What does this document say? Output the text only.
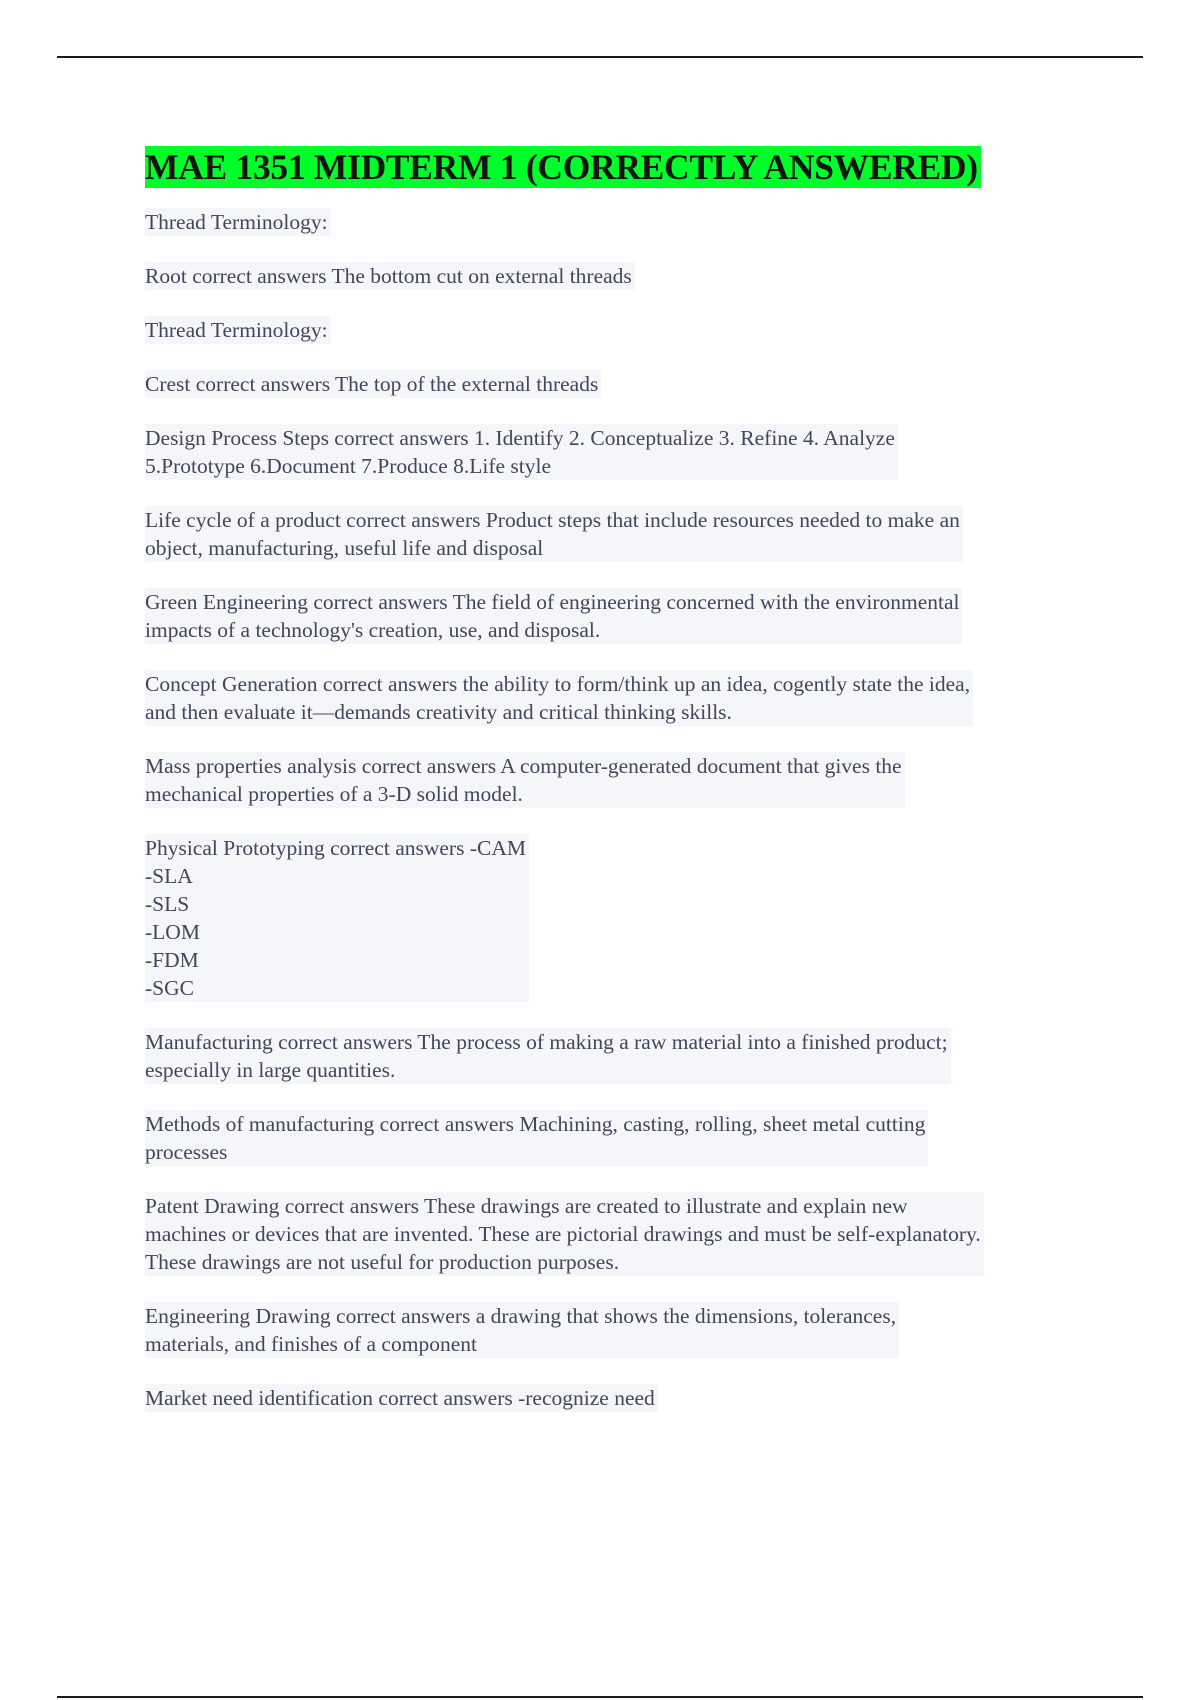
MAE 1351 MIDTERM 1 (CORRECTLY ANSWERED)
Thread Terminology:
Root correct answers The bottom cut on external threads
Thread Terminology:
Crest correct answers The top of the external threads
Design Process Steps correct answers 1. Identify 2. Conceptualize 3. Refine 4. Analyze
5.Prototype 6.Document 7.Produce 8.Life style
Life cycle of a product correct answers Product steps that include resources needed to make an
object, manufacturing, useful life and disposal
Green Engineering correct answers The field of engineering concerned with the environmental
impacts of a technology's creation, use, and disposal.
Concept Generation correct answers the ability to form/think up an idea, cogently state the idea,
and then evaluate it—demands creativity and critical thinking skills.
Mass properties analysis correct answers A computer-generated document that gives the
mechanical properties of a 3-D solid model.
Physical Prototyping correct answers -CAM
-SLA
-SLS
-LOM
-FDM
-SGC
Manufacturing correct answers The process of making a raw material into a finished product;
especially in large quantities.
Methods of manufacturing correct answers Machining, casting, rolling, sheet metal cutting
processes
Patent Drawing correct answers These drawings are created to illustrate and explain new
machines or devices that are invented. These are pictorial drawings and must be self-explanatory.
These drawings are not useful for production purposes.
Engineering Drawing correct answers a drawing that shows the dimensions, tolerances,
materials, and finishes of a component
Market need identification correct answers -recognize need
